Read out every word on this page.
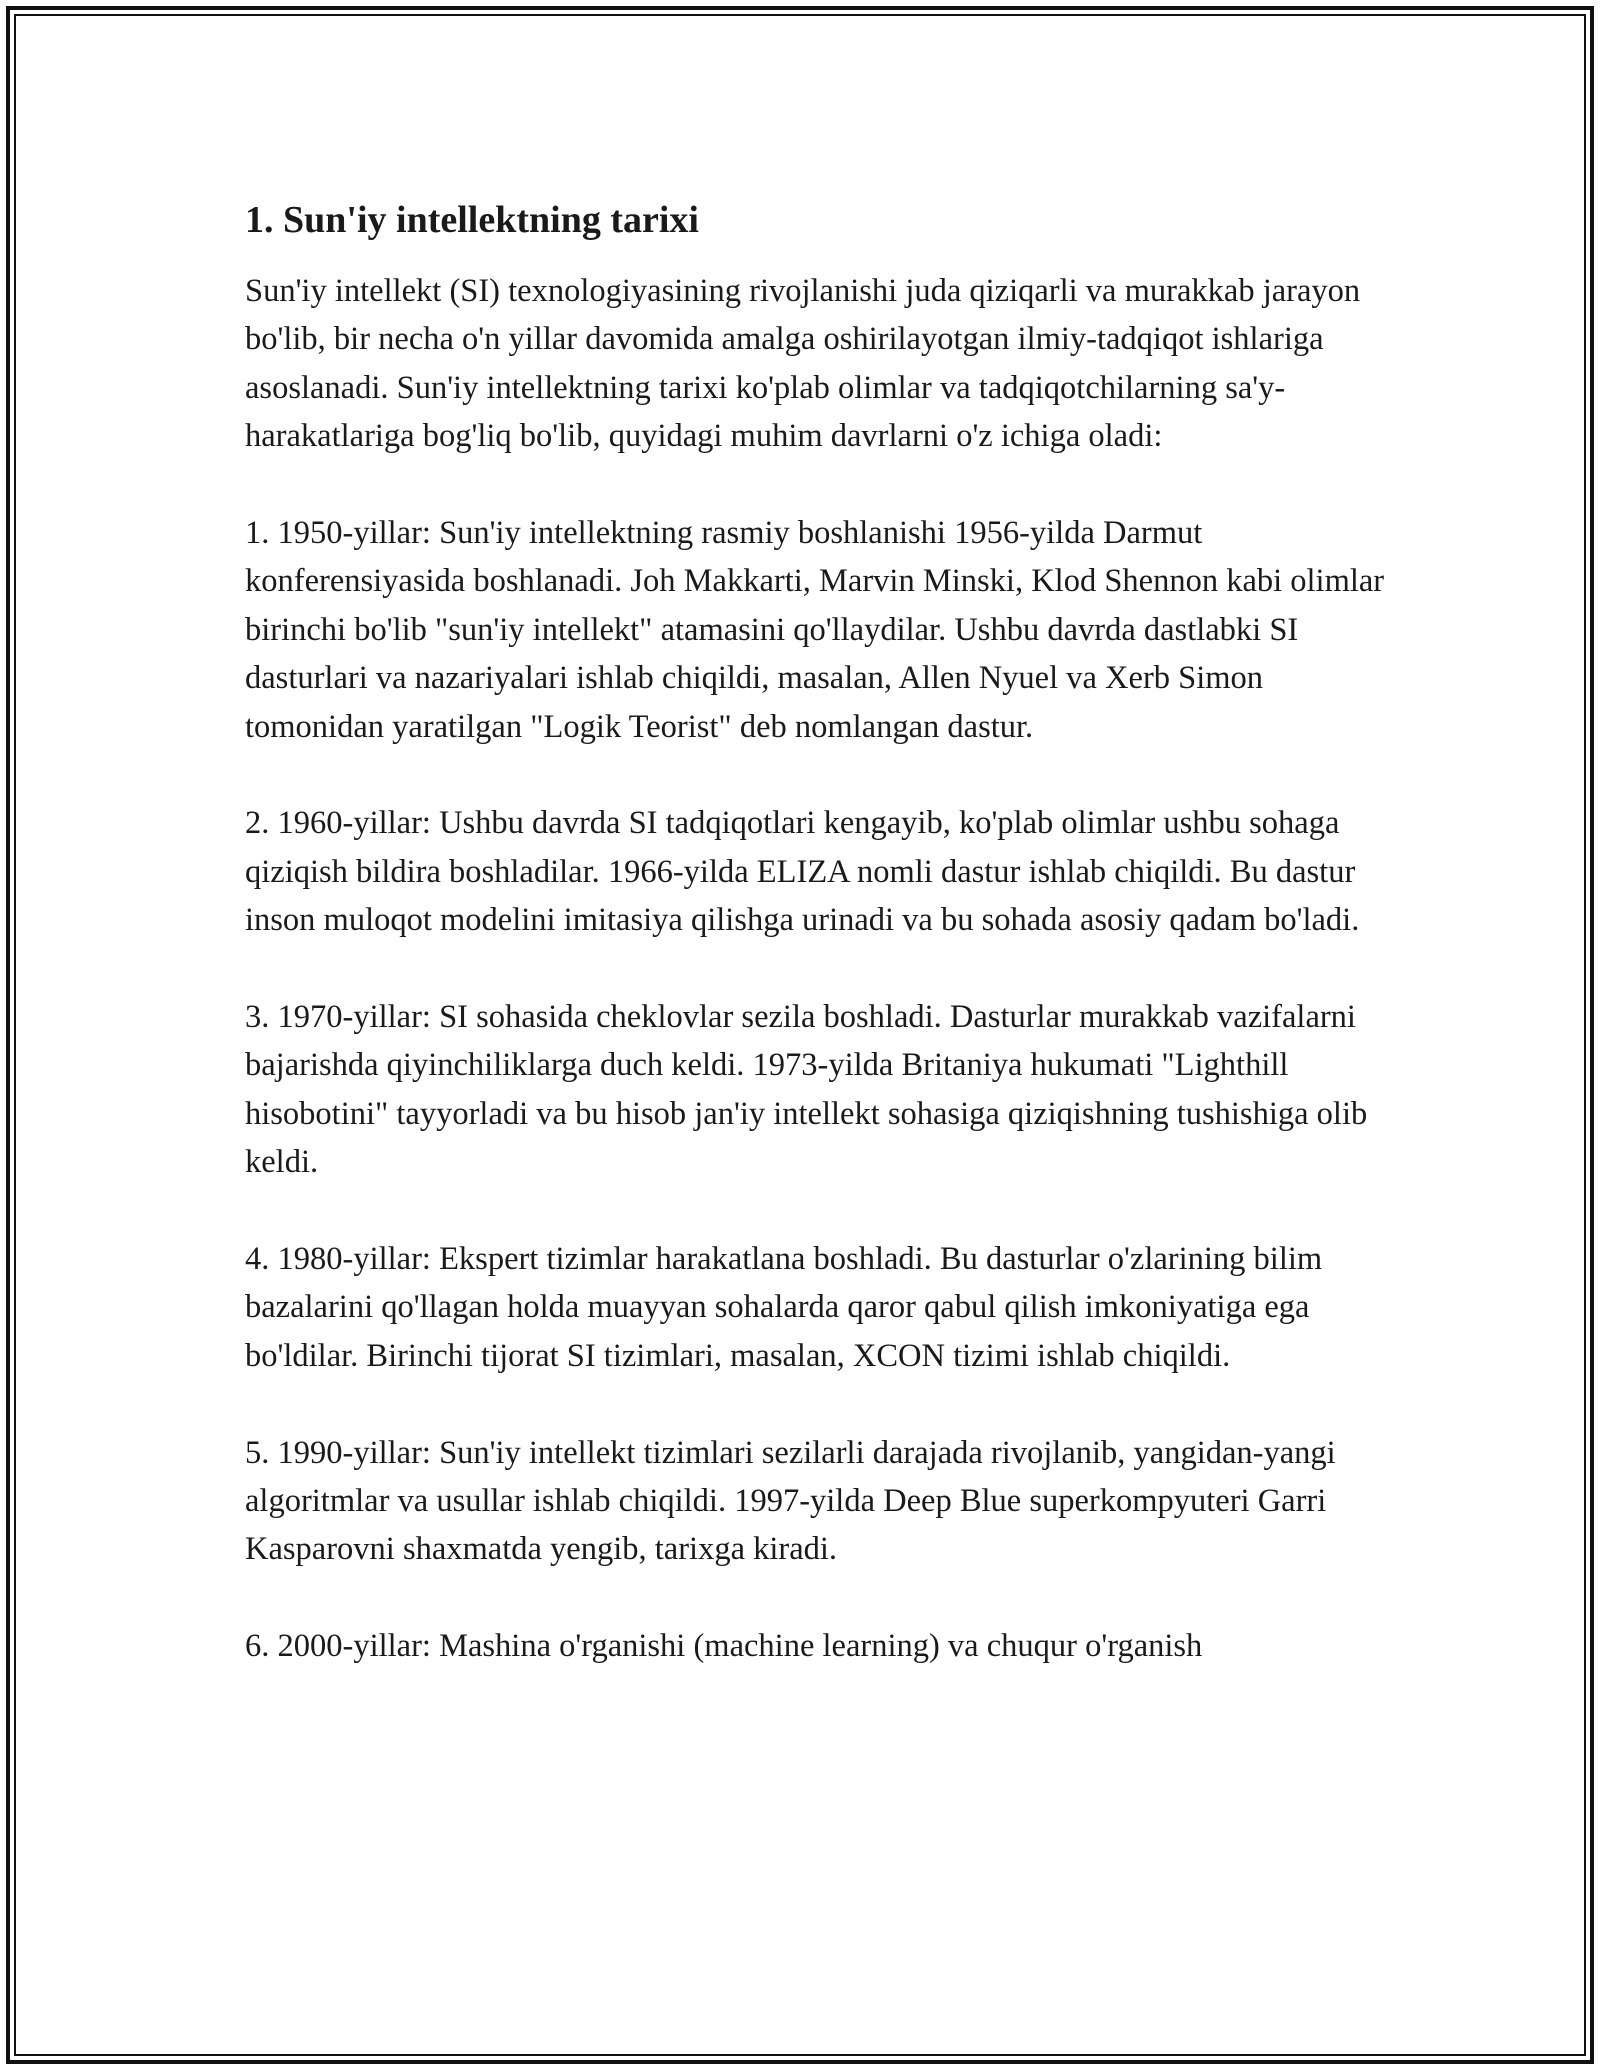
1. Sun'iy intellektning tarixi

Sun'iy intellekt (SI) texnologiyasining rivojlanishi juda qiziqarli va murakkab jarayon bo'lib, bir necha o'n yillar davomida amalga oshirilayotgan ilmiy-tadqiqot ishlariga asoslanadi. Sun'iy intellektning tarixi ko'plab olimlar va tadqiqotchilarning sa'y-harakatlariga bog'liq bo'lib, quyidagi muhim davrlarni o'z ichiga oladi:

1. 1950-yillar: Sun'iy intellektning rasmiy boshlanishi 1956-yilda Darmut konferensiyasida boshlanadi. Joh Makkarti, Marvin Minski, Klod Shennon kabi olimlar birinchi bo'lib "sun'iy intellekt" atamasini qo'llaydilar. Ushbu davrda dastlabki SI dasturlari va nazariyalari ishlab chiqildi, masalan, Allen Nyuel va Xerb Simon tomonidan yaratilgan "Logik Teorist" deb nomlangan dastur.

2. 1960-yillar: Ushbu davrda SI tadqiqotlari kengayib, ko'plab olimlar ushbu sohaga qiziqish bildira boshladilar. 1966-yilda ELIZA nomli dastur ishlab chiqildi. Bu dastur inson muloqot modelini imitasiya qilishga urinadi va bu sohada asosiy qadam bo'ladi.

3. 1970-yillar: SI sohasida cheklovlar sezila boshladi. Dasturlar murakkab vazifalarni bajarishda qiyinchiliklarga duch keldi. 1973-yilda Britaniya hukumati "Lighthill hisobotini" tayyorladi va bu hisob jan'iy intellekt sohasiga qiziqishning tushishiga olib keldi.

4. 1980-yillar: Ekspert tizimlar harakatlana boshladi. Bu dasturlar o'zlarining bilim bazalarini qo'llagan holda muayyan sohalarda qaror qabul qilish imkoniyatiga ega bo'ldilar. Birinchi tijorat SI tizimlari, masalan, XCON tizimi ishlab chiqildi.

5. 1990-yillar: Sun'iy intellekt tizimlari sezilarli darajada rivojlanib, yangidan-yangi algoritmlar va usullar ishlab chiqildi. 1997-yilda Deep Blue superkompyuteri Garri Kasparovni shaxmatda yengib, tarixga kiradi.

6. 2000-yillar: Mashina o'rganishi (machine learning) va chuqur o'rganish
